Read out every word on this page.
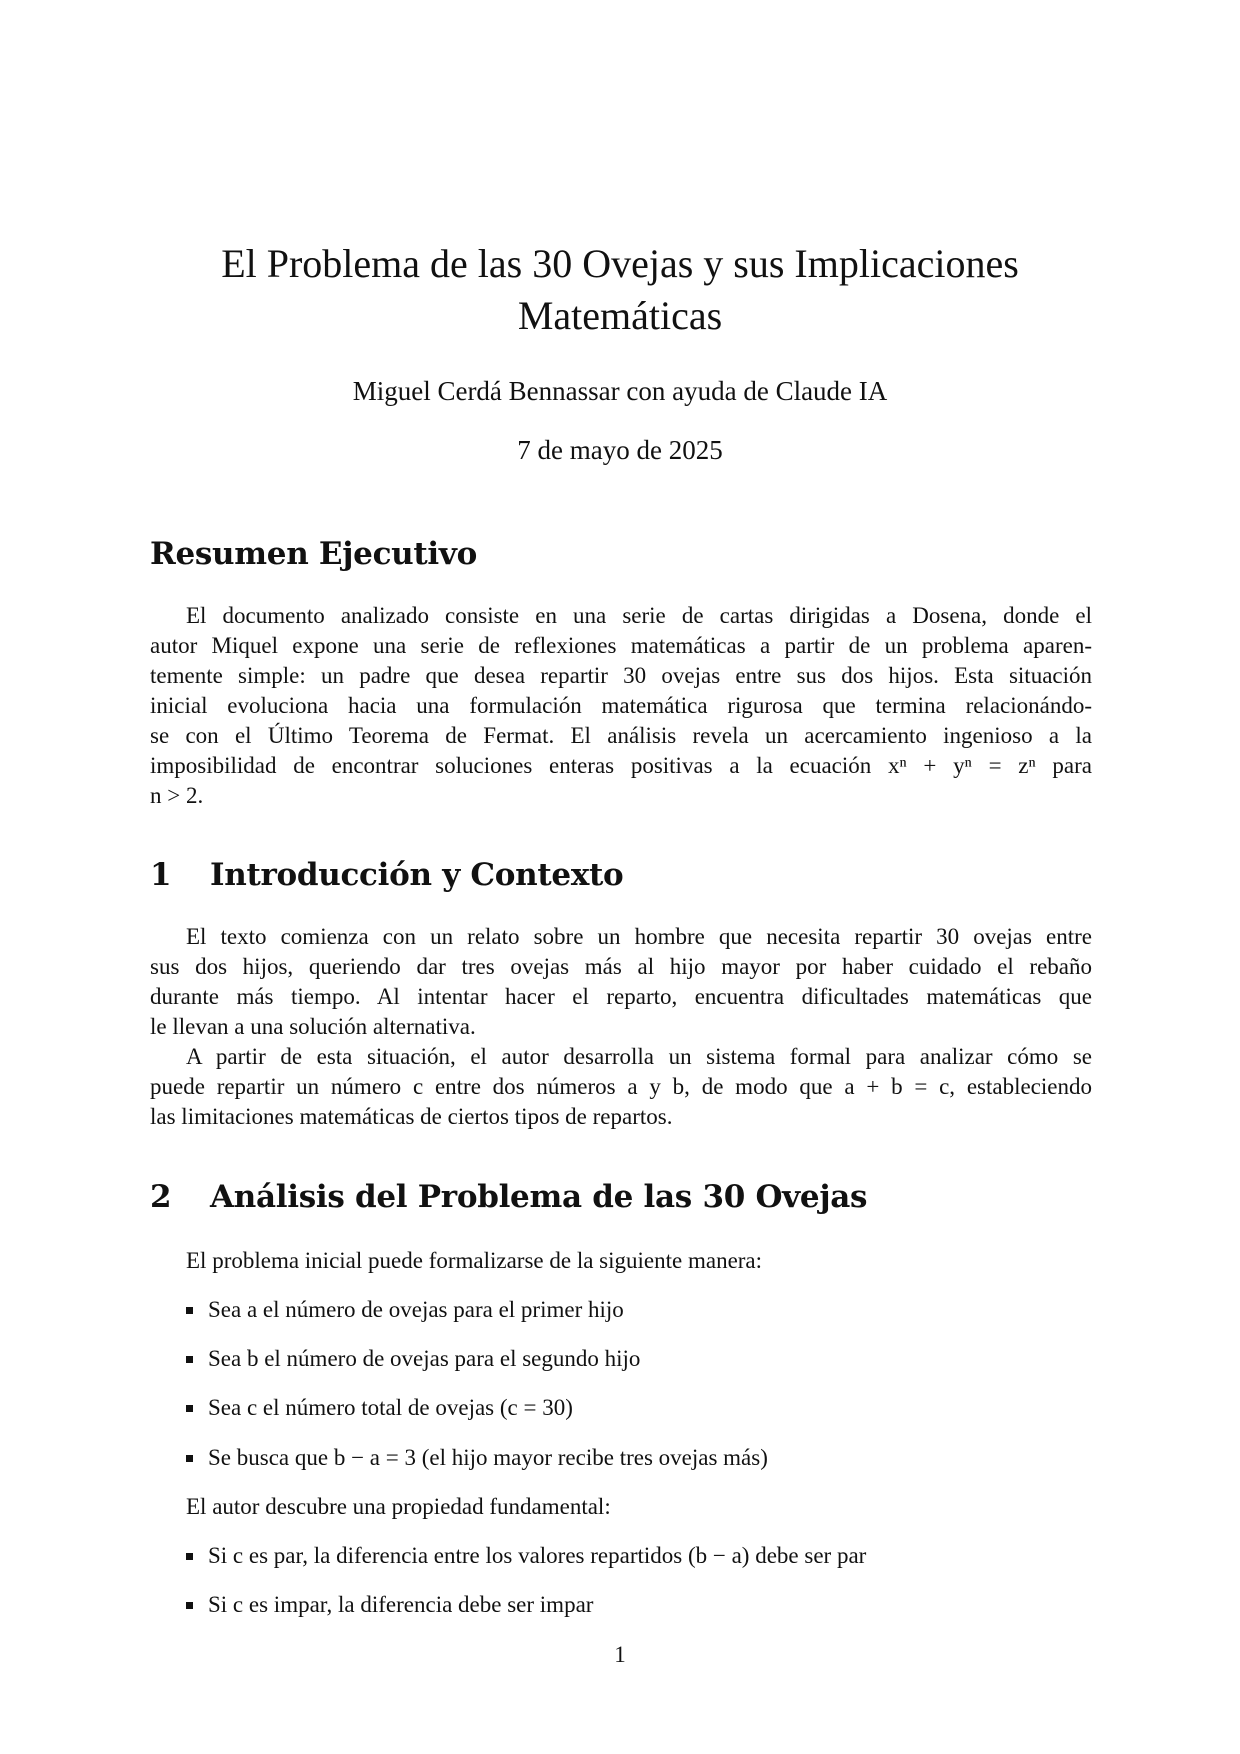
El Problema de las 30 Ovejas y sus Implicaciones
Matemáticas
Miguel Cerdá Bennassar con ayuda de Claude IA
7 de mayo de 2025
Resumen Ejecutivo
El documento analizado consiste en una serie de cartas dirigidas a Dosena, donde el
autor Miquel expone una serie de reflexiones matemáticas a partir de un problema aparen-
temente simple: un padre que desea repartir 30 ovejas entre sus dos hijos. Esta situación
inicial evoluciona hacia una formulación matemática rigurosa que termina relacionándo-
se con el Último Teorema de Fermat. El análisis revela un acercamiento ingenioso a la
imposibilidad de encontrar soluciones enteras positivas a la ecuación xⁿ + yⁿ = zⁿ para
n > 2.
1 Introducción y Contexto
El texto comienza con un relato sobre un hombre que necesita repartir 30 ovejas entre
sus dos hijos, queriendo dar tres ovejas más al hijo mayor por haber cuidado el rebaño
durante más tiempo. Al intentar hacer el reparto, encuentra dificultades matemáticas que
le llevan a una solución alternativa.
A partir de esta situación, el autor desarrolla un sistema formal para analizar cómo se
puede repartir un número c entre dos números a y b, de modo que a + b = c, estableciendo
las limitaciones matemáticas de ciertos tipos de repartos.
2 Análisis del Problema de las 30 Ovejas
El problema inicial puede formalizarse de la siguiente manera:
Sea a el número de ovejas para el primer hijo
Sea b el número de ovejas para el segundo hijo
Sea c el número total de ovejas (c = 30)
Se busca que b − a = 3 (el hijo mayor recibe tres ovejas más)
El autor descubre una propiedad fundamental:
Si c es par, la diferencia entre los valores repartidos (b − a) debe ser par
Si c es impar, la diferencia debe ser impar
1
